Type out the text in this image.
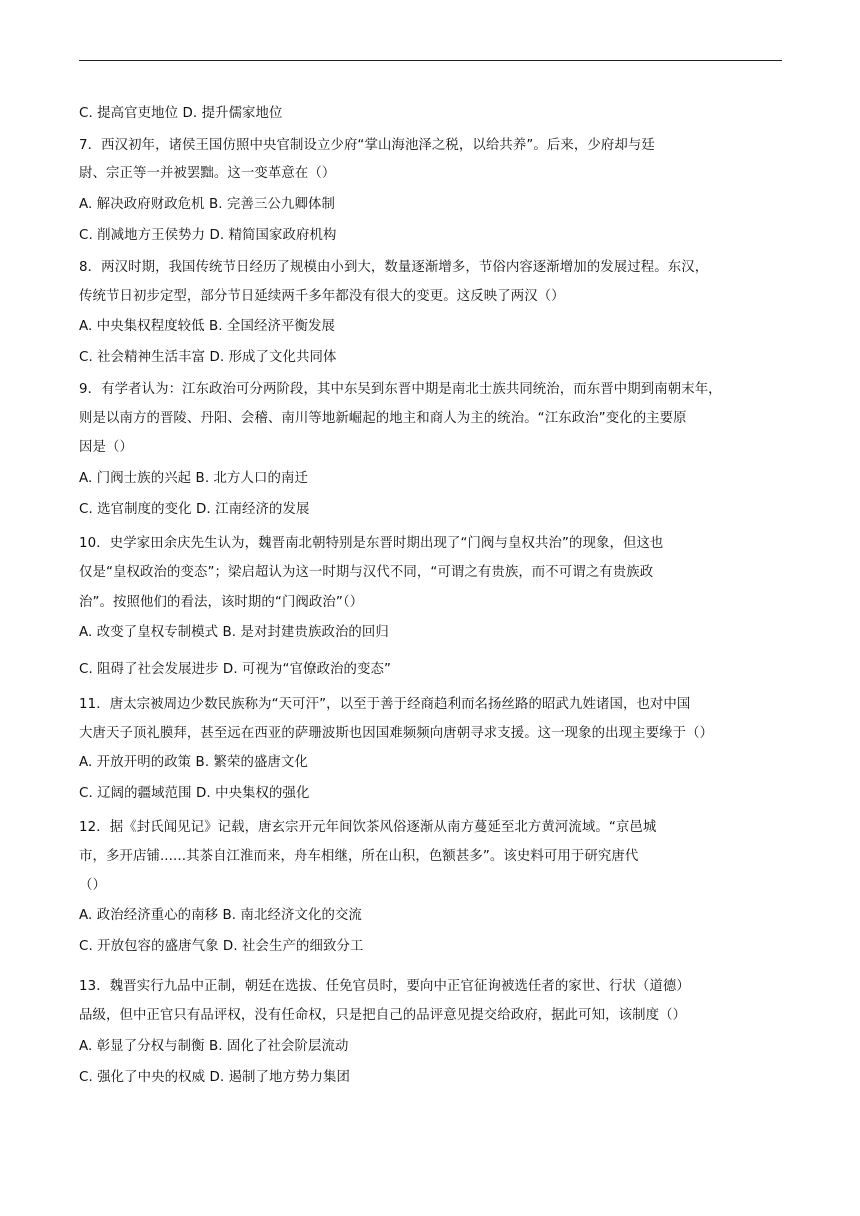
C. 提高官吏地位 D. 提升儒家地位
7．西汉初年，诸侯王国仿照中央官制设立少府“掌山海池泽之税，以给共养”。后来，少府却与廷
尉、宗正等一并被罢黜。这一变革意在（）
A. 解决政府财政危机 B. 完善三公九卿体制
C. 削减地方王侯势力 D. 精简国家政府机构
8．两汉时期，我国传统节日经历了规模由小到大，数量逐渐增多，节俗内容逐渐增加的发展过程。东汉，
传统节日初步定型，部分节日延续两千多年都没有很大的变更。这反映了两汉（）
A. 中央集权程度较低 B. 全国经济平衡发展
C. 社会精神生活丰富 D. 形成了文化共同体
9．有学者认为：江东政治可分两阶段，其中东吴到东晋中期是南北士族共同统治，而东晋中期到南朝末年，
则是以南方的晋陵、丹阳、会稽、南川等地新崛起的地主和商人为主的统治。“江东政治”变化的主要原
因是（）
A. 门阀士族的兴起 B. 北方人口的南迁
C. 选官制度的变化 D. 江南经济的发展
10．史学家田余庆先生认为，魏晋南北朝特别是东晋时期出现了“门阀与皇权共治”的现象，但这也
仅是“皇权政治的变态”；梁启超认为这一时期与汉代不同，“可谓之有贵族，而不可谓之有贵族政
治”。按照他们的看法，该时期的“门阀政治”（）
A. 改变了皇权专制模式 B. 是对封建贵族政治的回归
C. 阻碍了社会发展进步 D. 可视为“官僚政治的变态”
11．唐太宗被周边少数民族称为“天可汗”，以至于善于经商趋利而名扬丝路的昭武九姓诸国，也对中国
大唐天子顶礼膜拜，甚至远在西亚的萨珊波斯也因国难频频向唐朝寻求支援。这一现象的出现主要缘于（）
A. 开放开明的政策 B. 繁荣的盛唐文化
C. 辽阔的疆域范围 D. 中央集权的强化
12．据《封氏闻见记》记载，唐玄宗开元年间饮茶风俗逐渐从南方蔓延至北方黄河流域。“京邑城
市，多开店铺......其茶自江淮而来，舟车相继，所在山积，色额甚多”。该史料可用于研究唐代
（）
A. 政治经济重心的南移 B. 南北经济文化的交流
C. 开放包容的盛唐气象 D. 社会生产的细致分工
13．魏晋实行九品中正制，朝廷在选拔、任免官员时，要向中正官征询被选任者的家世、行状（道德）
品级，但中正官只有品评权，没有任命权，只是把自己的品评意见提交给政府，据此可知，该制度（）
A. 彰显了分权与制衡 B. 固化了社会阶层流动
C. 强化了中央的权威 D. 遏制了地方势力集团
